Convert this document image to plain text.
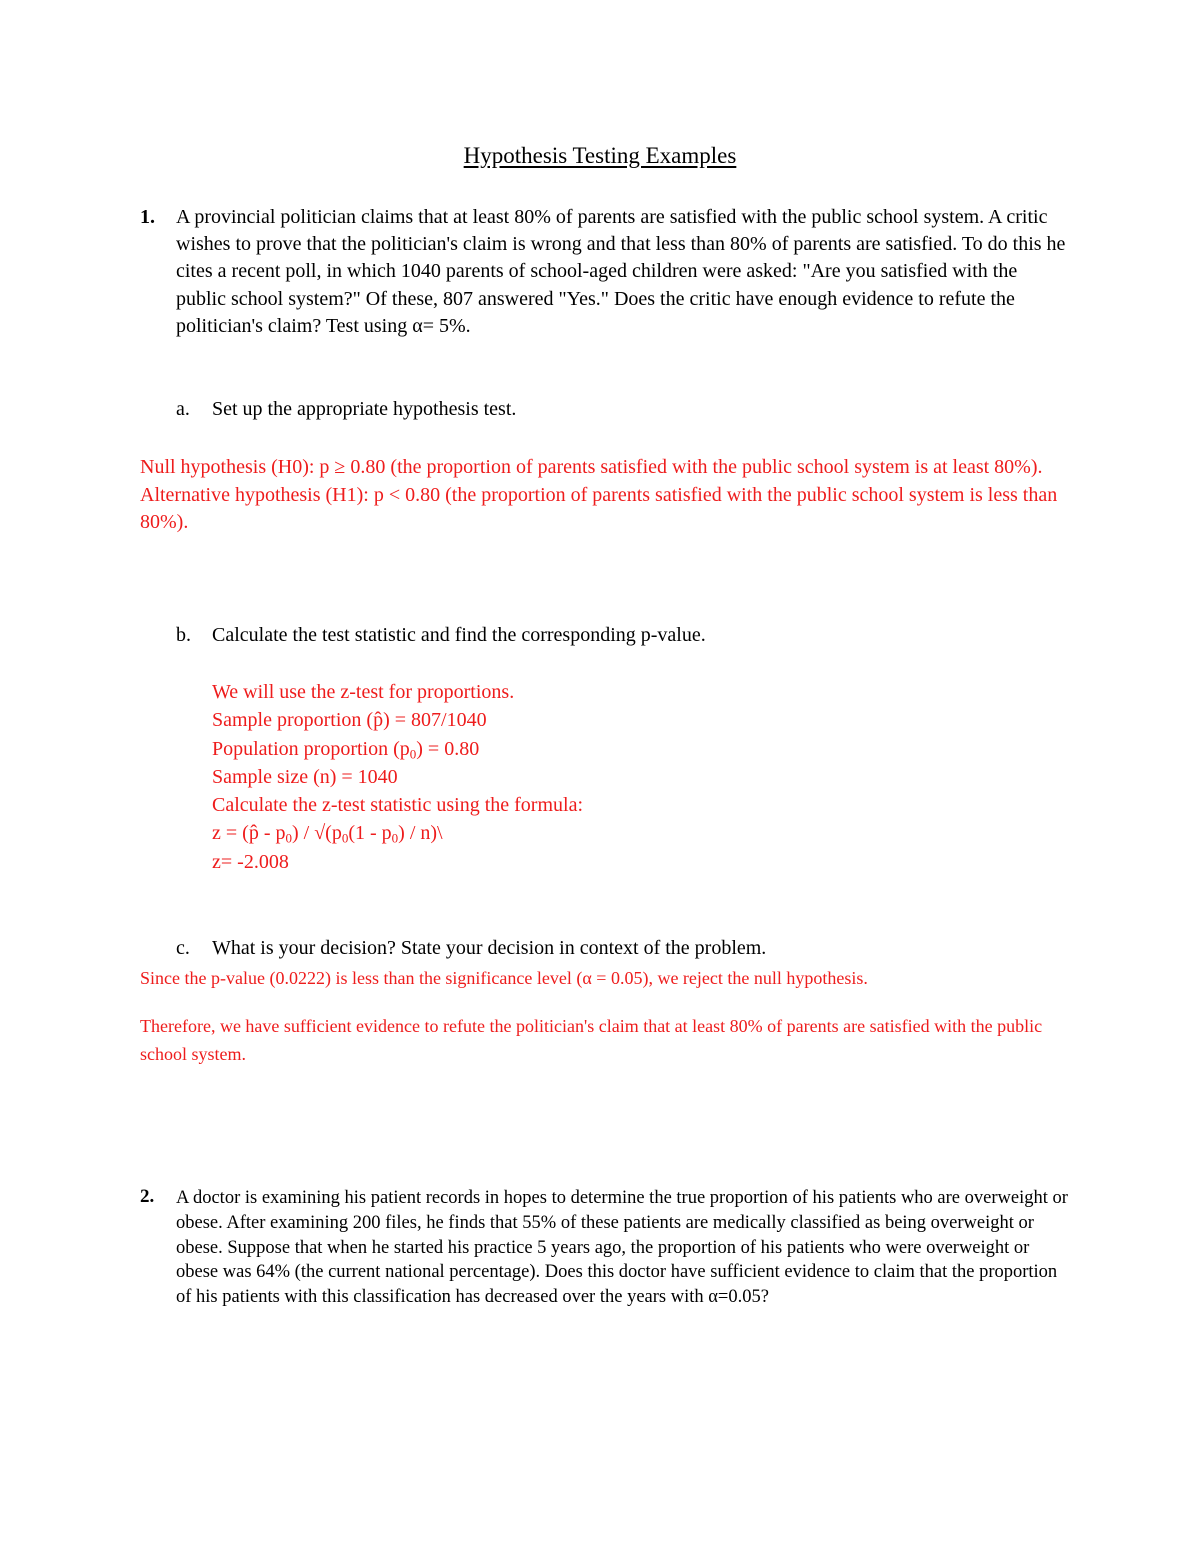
Hypothesis Testing Examples
1. A provincial politician claims that at least 80% of parents are satisfied with the public school system. A critic wishes to prove that the politician's claim is wrong and that less than 80% of parents are satisfied. To do this he cites a recent poll, in which 1040 parents of school-aged children were asked: "Are you satisfied with the public school system?" Of these, 807 answered "Yes." Does the critic have enough evidence to refute the politician's claim? Test using α= 5%.
a. Set up the appropriate hypothesis test.
Null hypothesis (H0): p ≥ 0.80 (the proportion of parents satisfied with the public school system is at least 80%).
Alternative hypothesis (H1): p < 0.80 (the proportion of parents satisfied with the public school system is less than 80%).
b. Calculate the test statistic and find the corresponding p-value.
We will use the z-test for proportions.
Sample proportion (p̂) = 807/1040
Population proportion $(p_0) = 0.80$
Sample size (n) = 1040
Calculate the z-test statistic using the formula:
z = (p̂ - $p_0) / √(p_0(1 - p_0)$ / n)\
z= -2.008
c. What is your decision? State your decision in context of the problem.

Since the p-value (0.0222) is less than the significance level (α = 0.05), we reject the null hypothesis.

Therefore, we have sufficient evidence to refute the politician's claim that at least 80% of parents are satisfied with the public school system.

2. A doctor is examining his patient records in hopes to determine the true proportion of his patients who are overweight or obese. After examining 200 files, he finds that 55% of these patients are medically classified as being overweight or obese. Suppose that when he started his practice 5 years ago, the proportion of his patients who were overweight or obese was 64% (the current national percentage). Does this doctor have sufficient evidence to claim that the proportion of his patients with this classification has decreased over the years with α=0.05?
